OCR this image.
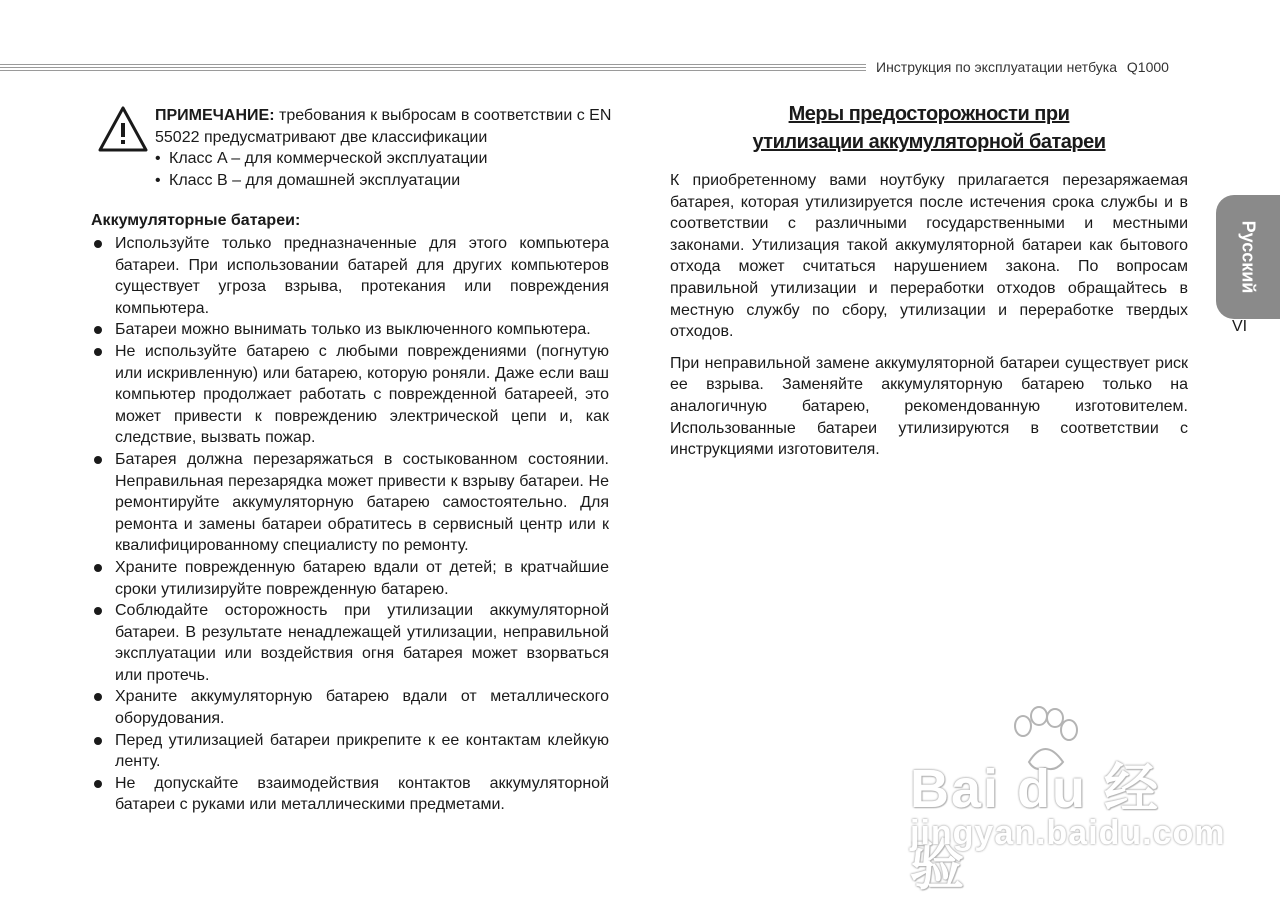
Инструкция по эксплуатации нетбука Q1000
ПРИМЕЧАНИЕ: требования к выбросам в соответствии с EN 55022 предусматривают две классификации
• Класс A – для коммерческой эксплуатации
• Класс B – для домашней эксплуатации
Аккумуляторные батареи:
Используйте только предназначенные для этого компьютера батареи. При использовании батарей для других компьютеров существует угроза взрыва, протекания или повреждения компьютера.
Батареи можно вынимать только из выключенного компьютера.
Не используйте батарею с любыми повреждениями (погнутую или искривленную) или батарею, которую роняли. Даже если ваш компьютер продолжает работать с поврежденной батареей, это может привести к повреждению электрической цепи и, как следствие, вызвать пожар.
Батарея должна перезаряжаться в состыкованном состоянии. Неправильная перезарядка может привести к взрыву батареи. Не ремонтируйте аккумуляторную батарею самостоятельно. Для ремонта и замены батареи обратитесь в сервисный центр или к квалифицированному специалисту по ремонту.
Храните поврежденную батарею вдали от детей; в кратчайшие сроки утилизируйте поврежденную батарею.
Соблюдайте осторожность при утилизации аккумуляторной батареи. В результате ненадлежащей утилизации, неправильной эксплуатации или воздействия огня батарея может взорваться или протечь.
Храните аккумуляторную батарею вдали от металлического оборудования.
Перед утилизацией батареи прикрепите к ее контактам клейкую ленту.
Не допускайте взаимодействия контактов аккумуляторной батареи с руками или металлическими предметами.
Меры предосторожности при
утилизации аккумуляторной батареи

К приобретенному вами ноутбуку прилагается перезаряжаемая батарея, которая утилизируется после истечения срока службы и в соответствии с различными государственными и местными законами. Утилизация такой аккумуляторной батареи как бытового отхода может считаться нарушением закона. По вопросам правильной утилизации и переработки отходов обращайтесь в местную службу по сбору, утилизации и переработке твердых отходов.

При неправильной замене аккумуляторной батареи существует риск ее взрыва. Заменяйте аккумуляторную батарею только на аналогичную батарею, рекомендованную изготовителем. Использованные батареи утилизируются в соответствии с инструкциями изготовителя.

Русский
VI
Bai du 经验
jingyan.baidu.com
